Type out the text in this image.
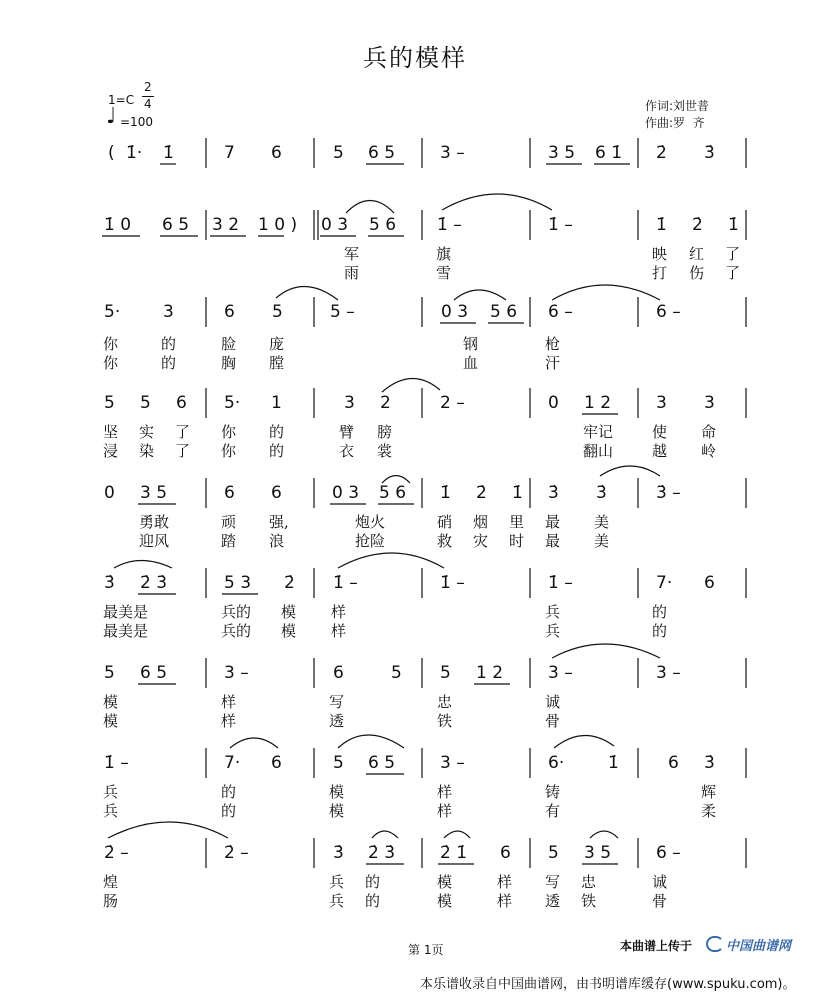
兵的模样
1=C
2
4
♩ =100
作词:刘世普
作曲:罗  齐
( 1̇· 1̇	7 6	5 6 5	3 –	3 5 6 1̇ 2̇ 3̇
1̇ 0 6 5 3 2 1 0 ) 0 3 5 6 1̇ –	1̇ –	1̇ 2̇ 1̇
军	旗	映 红 了
雨	雪	打 伤 了
5·	3	6 5	5 –	0 3 5 6 6 –	6 –
你	的	脸 庞	钢	枪
你	的	胸 膛	血	汗
5 5 6 5· 1	3 2	2 –	0 1 2	3 3
坚 实 了 你 的	臂 膀	牢记	使 命
浸 染 了 你 的	衣 裳	翻山	越 岭
0 3 5	6 6	0 3 5 6 1̇ 2̇ 1̇ 3̇ 3̇	3̇ –
勇敢	顽 强,	炮火	硝 烟 里 最 美
迎风	踏 浪	抢险	救 灾 时 最 美
3̇ 2̇ 3̇	5 3 2̇ 1̇ –	1̇ –	1̇ –	7· 6
最美是	兵的 模 样	兵	的
最美是	兵的 模 样	兵	的
5 6 5	3 –	6	5 5 1 2	3 –	3 –
模	样	写	忠	诚
模	样	透	铁	骨
1̇ –	7· 6	5 6 5	3 –	6·	1̇	6 3̇
兵	的	模	样	铸	辉
兵	的	模	样	有	柔
2̇ –	2̇ –	3̇ 2̇ 3̇	2̇ 1̇ 6 5 3 5	6 –
煌	兵 的	模	样 写 忠	诚
肠	兵 的	模	样 透 铁	骨
第 1页	本曲谱上传于	中国曲谱网
本乐谱收录自中国曲谱网，由书明谱库缓存(www.spuku.com)。
